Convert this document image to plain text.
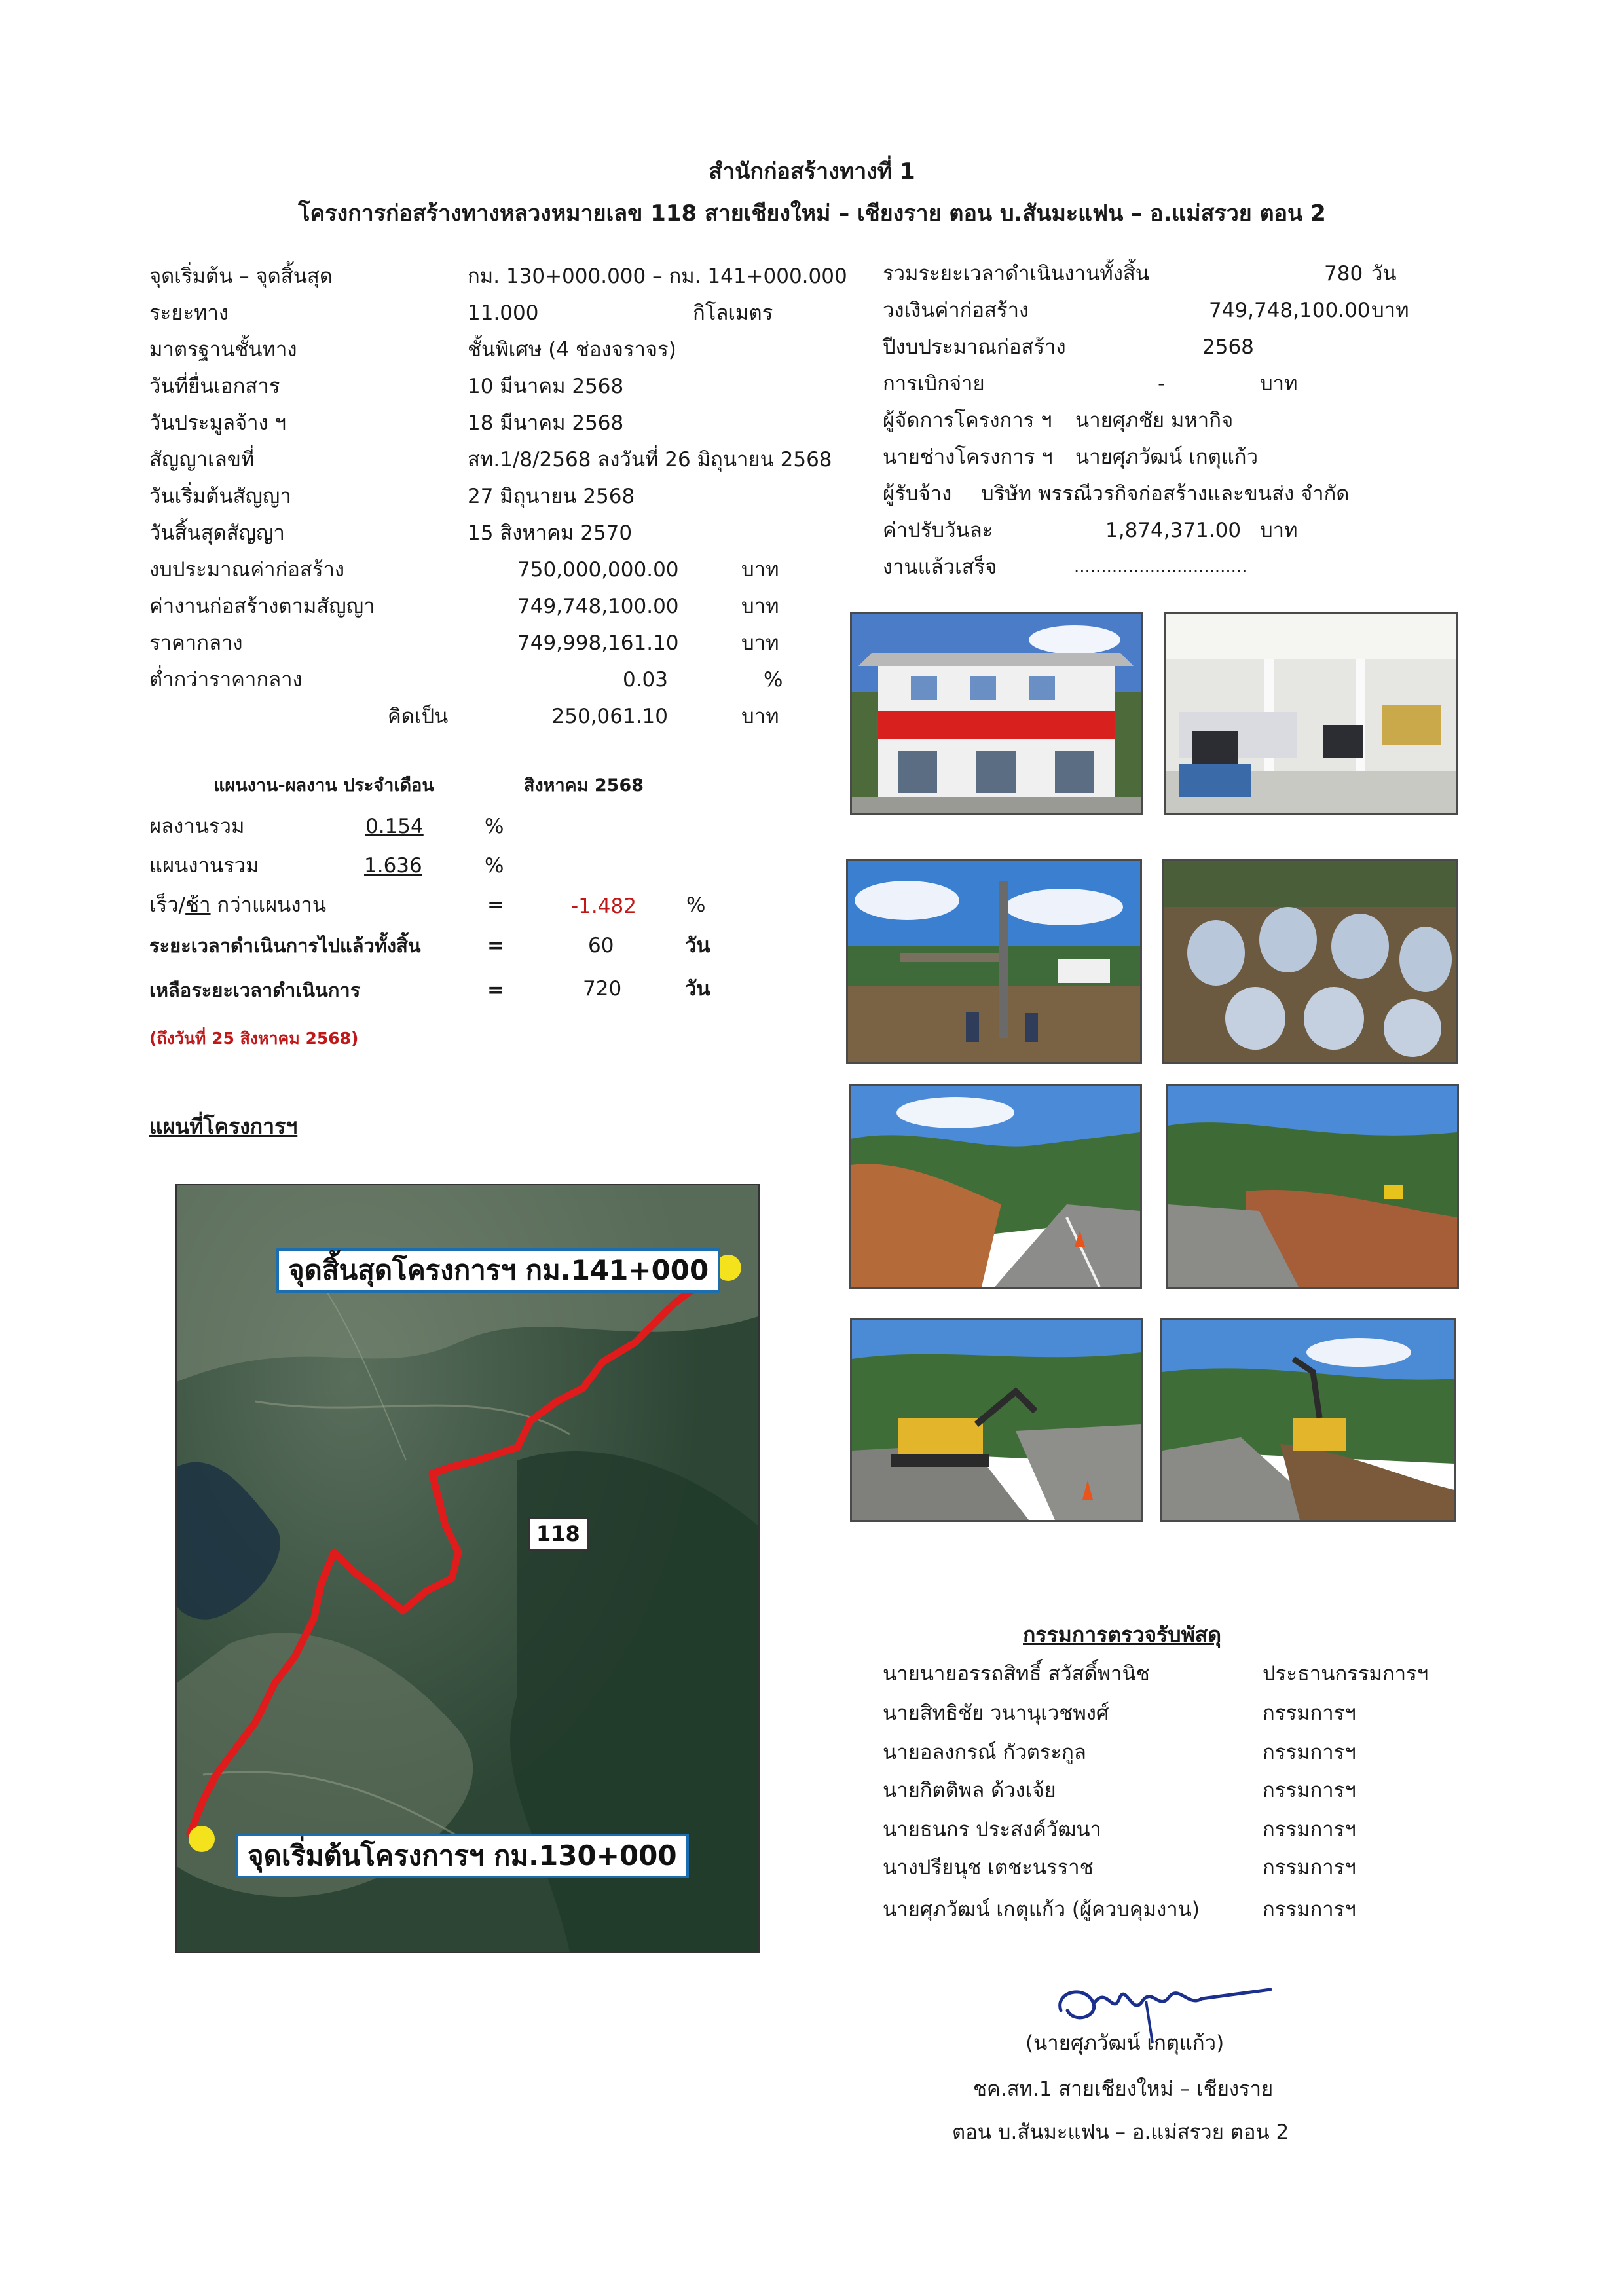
สำนักก่อสร้างทางที่ 1
โครงการก่อสร้างทางหลวงหมายเลข 118 สายเชียงใหม่ – เชียงราย ตอน บ.สันมะแฟน – อ.แม่สรวย ตอน 2
จุดเริ่มต้น – จุดสิ้นสุด	กม. 130+000.000 – กม. 141+000.000
ระยะทาง	11.000	กิโลเมตร
มาตรฐานชั้นทาง	ชั้นพิเศษ (4 ช่องจราจร)
วันที่ยื่นเอกสาร	10 มีนาคม 2568
วันประมูลจ้าง ฯ	18 มีนาคม 2568
สัญญาเลขที่	สท.1/8/2568 ลงวันที่ 26 มิถุนายน 2568
วันเริ่มต้นสัญญา	27 มิถุนายน 2568
วันสิ้นสุดสัญญา	15 สิงหาคม 2570
งบประมาณค่าก่อสร้าง	750,000,000.00	บาท
ค่างานก่อสร้างตามสัญญา	749,748,100.00	บาท
ราคากลาง	749,998,161.10	บาท
ต่ำกว่าราคากลาง	0.03	%
คิดเป็น	250,061.10	บาท
รวมระยะเวลาดำเนินงานทั้งสิ้น	780 วัน
วงเงินค่าก่อสร้าง	749,748,100.00 บาท
ปีงบประมาณก่อสร้าง	2568
การเบิกจ่าย	-	บาท
ผู้จัดการโครงการ ฯ นายศุภชัย มหากิจ
นายช่างโครงการ ฯ นายศุภวัฒน์ เกตุแก้ว
ผู้รับจ้าง บริษัท พรรณีวรกิจก่อสร้างและขนส่ง จำกัด
ค่าปรับวันละ	1,874,371.00 บาท
งานแล้วเสร็จ	................................
แผนงาน-ผลงาน ประจำเดือน	สิงหาคม 2568
ผลงานรวม	0.154	%
แผนงานรวม	1.636	%
เร็ว/ช้า กว่าแผนงาน	=	-1.482 %
ระยะเวลาดำเนินการไปแล้วทั้งสิ้น	=	60	วัน
เหลือระยะเวลาดำเนินการ	=	720	วัน
(ถึงวันที่ 25 สิงหาคม 2568)
แผนที่โครงการฯ
จุดสิ้นสุดโครงการฯ กม.141+000
118
จุดเริ่มต้นโครงการฯ กม.130+000
กรรมการตรวจรับพัสดุ
นายนายอรรถสิทธิ์ สวัสดิ์พานิช	ประธานกรรมการฯ
นายสิทธิชัย วนานุเวชพงศ์	กรรมการฯ
นายอลงกรณ์ กัวตระกูล	กรรมการฯ
นายกิตติพล ด้วงเจ้ย	กรรมการฯ
นายธนกร ประสงค์วัฒนา	กรรมการฯ
นางปรียนุช เตชะนรราช	กรรมการฯ
นายศุภวัฒน์ เกตุแก้ว (ผู้ควบคุมงาน)	กรรมการฯ
(นายศุภวัฒน์ เกตุแก้ว)
ชค.สท.1 สายเชียงใหม่ – เชียงราย
ตอน บ.สันมะแฟน – อ.แม่สรวย ตอน 2
